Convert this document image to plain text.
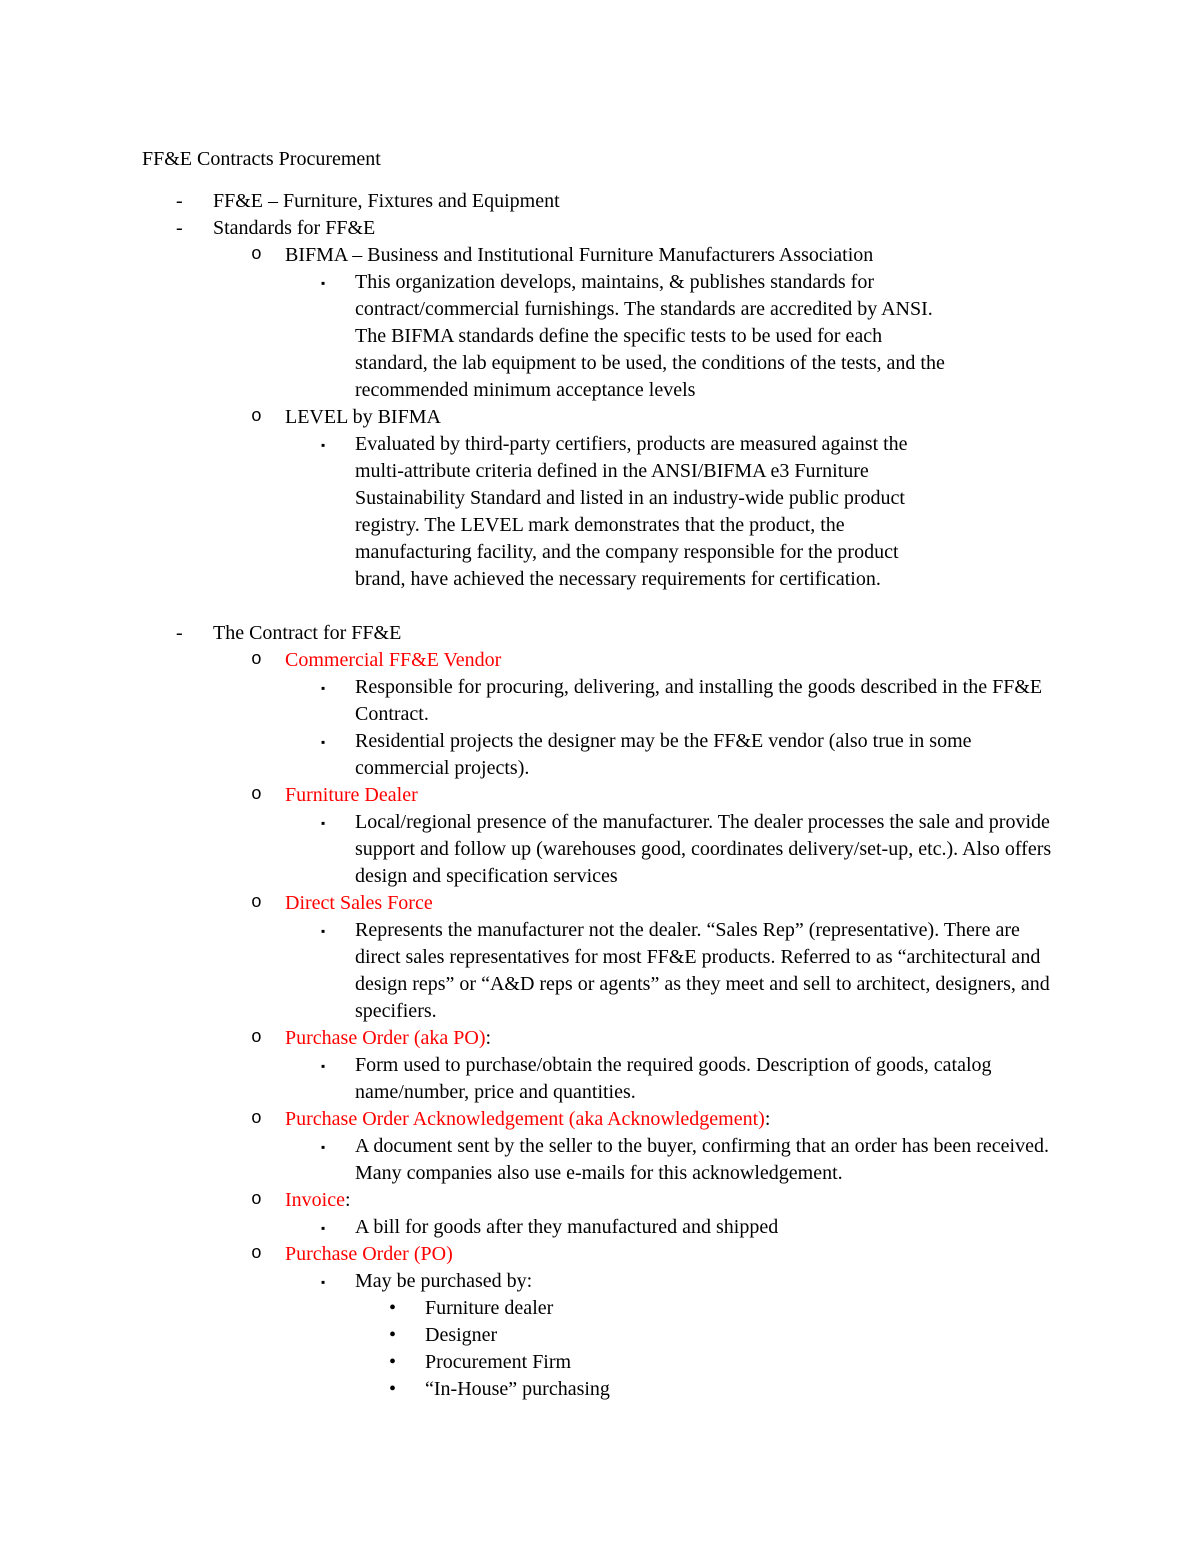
FF&E Contracts Procurement
- FF&E – Furniture, Fixtures and Equipment
- Standards for FF&E
o BIFMA – Business and Institutional Furniture Manufacturers Association
▪ This organization develops, maintains, & publishes standards for contract/commercial furnishings. The standards are accredited by ANSI. The BIFMA standards define the specific tests to be used for each standard, the lab equipment to be used, the conditions of the tests, and the recommended minimum acceptance levels
o LEVEL by BIFMA
▪ Evaluated by third-party certifiers, products are measured against the multi-attribute criteria defined in the ANSI/BIFMA e3 Furniture Sustainability Standard and listed in an industry-wide public product registry. The LEVEL mark demonstrates that the product, the manufacturing facility, and the company responsible for the product brand, have achieved the necessary requirements for certification.
- The Contract for FF&E
o Commercial FF&E Vendor
▪ Responsible for procuring, delivering, and installing the goods described in the FF&E Contract.
▪ Residential projects the designer may be the FF&E vendor (also true in some commercial projects).
o Furniture Dealer
▪ Local/regional presence of the manufacturer. The dealer processes the sale and provide support and follow up (warehouses good, coordinates delivery/set-up, etc.). Also offers design and specification services
o Direct Sales Force
▪ Represents the manufacturer not the dealer. “Sales Rep” (representative). There are direct sales representatives for most FF&E products. Referred to as “architectural and design reps” or “A&D reps or agents” as they meet and sell to architect, designers, and specifiers.
o Purchase Order (aka PO):
▪ Form used to purchase/obtain the required goods. Description of goods, catalog name/number, price and quantities.
o Purchase Order Acknowledgement (aka Acknowledgement):
▪ A document sent by the seller to the buyer, confirming that an order has been received. Many companies also use e-mails for this acknowledgement.
o Invoice:
▪ A bill for goods after they manufactured and shipped
o Purchase Order (PO)
▪ May be purchased by:
• Furniture dealer
• Designer
• Procurement Firm
• “In-House” purchasing
